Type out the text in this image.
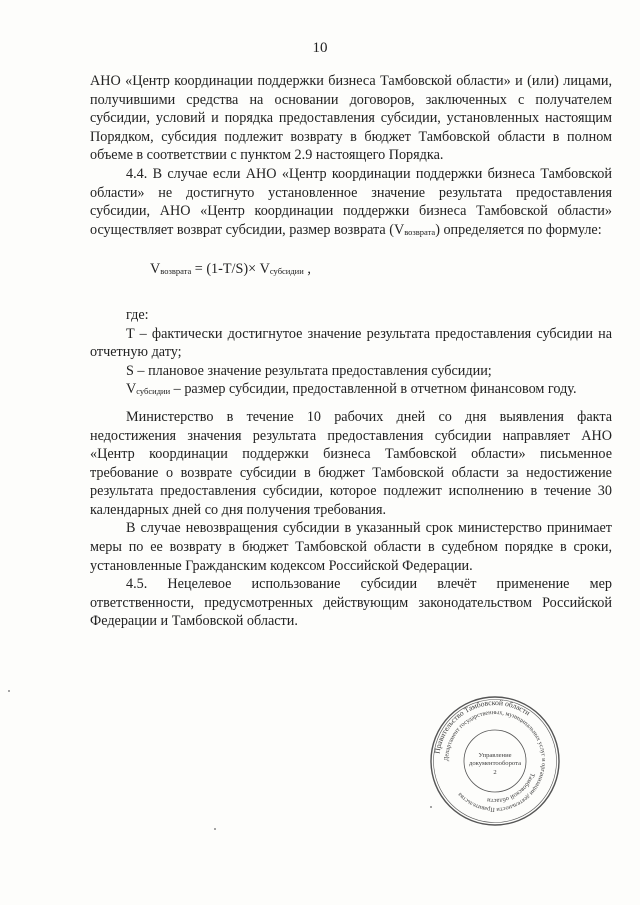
10

АНО «Центр координации поддержки бизнеса Тамбовской области» и (или) лицами, получившими средства на основании договоров, заключенных с получателем субсидии, условий и порядка предоставления субсидии, установленных настоящим Порядком, субсидия подлежит возврату в бюджет Тамбовской области в полном объеме в соответствии с пунктом 2.9 настоящего Порядка.

4.4. В случае если АНО «Центр координации поддержки бизнеса Тамбовской области» не достигнуто установленное значение результата предоставления субсидии, АНО «Центр координации поддержки бизнеса Тамбовской области» осуществляет возврат субсидии, размер возврата (Vвозврата) определяется по формуле:

Vвозврата = (1-T/S)× Vсубсидии ,

где:

T – фактически достигнутое значение результата предоставления субсидии на отчетную дату;

S – плановое значение результата предоставления субсидии;

Vсубсидии – размер субсидии, предоставленной в отчетном финансовом году.

Министерство в течение 10 рабочих дней со дня выявления факта недостижения значения результата предоставления субсидии направляет АНО «Центр координации поддержки бизнеса Тамбовской области» письменное требование о возврате субсидии в бюджет Тамбовской области за недостижение результата предоставления субсидии, которое подлежит исполнению в течение 30 календарных дней со дня получения требования.

В случае невозвращения субсидии в указанный срок министерство принимает меры по ее возврату в бюджет Тамбовской области в судебном порядке в сроки, установленные Гражданским кодексом Российской Федерации.

4.5. Нецелевое использование субсидии влечёт применение мер ответственности, предусмотренных действующим законодательством Российской Федерации и Тамбовской области.

Правительство Тамбовской области
Департамент государственных, муниципальных услуг и организации деятельности Правительства
Тамбовской области
Управление
документооборота
2
